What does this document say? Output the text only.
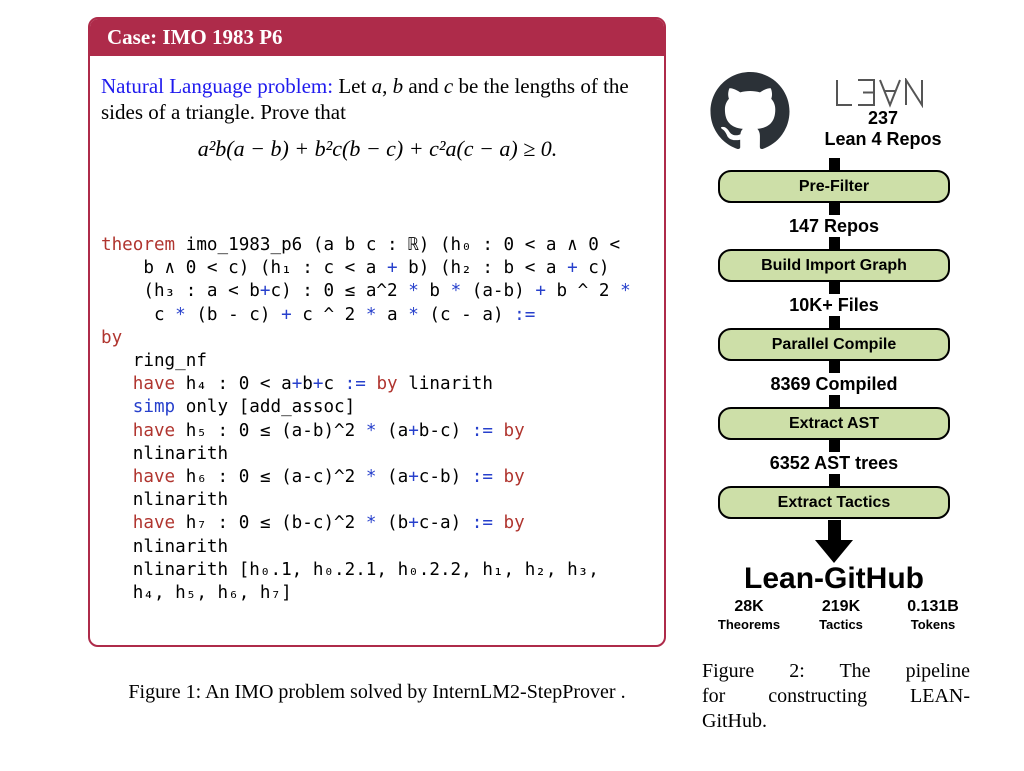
Case: IMO 1983 P6

Natural Language problem: Let a, b and c be the lengths of the sides of a triangle. Prove that

a²b(a − b) + b²c(b − c) + c²a(c − a) ≥ 0.
theorem imo_1983_p6 (a b c : ℝ) (h₀ : 0 < a ∧ 0 <
b ∧ 0 < c) (h₁ : c < a + b) (h₂ : b < a + c)
(h₃ : a < b+c) : 0 ≤ a^2 * b * (a-b) + b ^ 2 *
c * (b - c) + c ^ 2 * a * (c - a) :=
by
ring_nf
have h₄ : 0 < a+b+c := by linarith
simp only [add_assoc]
have h₅ : 0 ≤ (a-b)^2 * (a+b-c) := by
nlinarith
have h₆ : 0 ≤ (a-c)^2 * (a+c-b) := by
nlinarith
have h₇ : 0 ≤ (b-c)^2 * (b+c-a) := by
nlinarith
nlinarith [h₀.1, h₀.2.1, h₀.2.2, h₁, h₂, h₃,
h₄, h₅, h₆, h₇]
Figure 1: An IMO problem solved by InternLM2-StepProver .
237
Lean 4 Repos
Pre-Filter
147 Repos
Build Import Graph
10K+ Files
Parallel Compile
8369 Compiled
Extract AST
6352 AST trees
Extract Tactics
Lean-GitHub
28K
Theorems
219K
Tactics
0.131B
Tokens
Figure 2: The pipeline
for constructing LEAN-
GitHub.
